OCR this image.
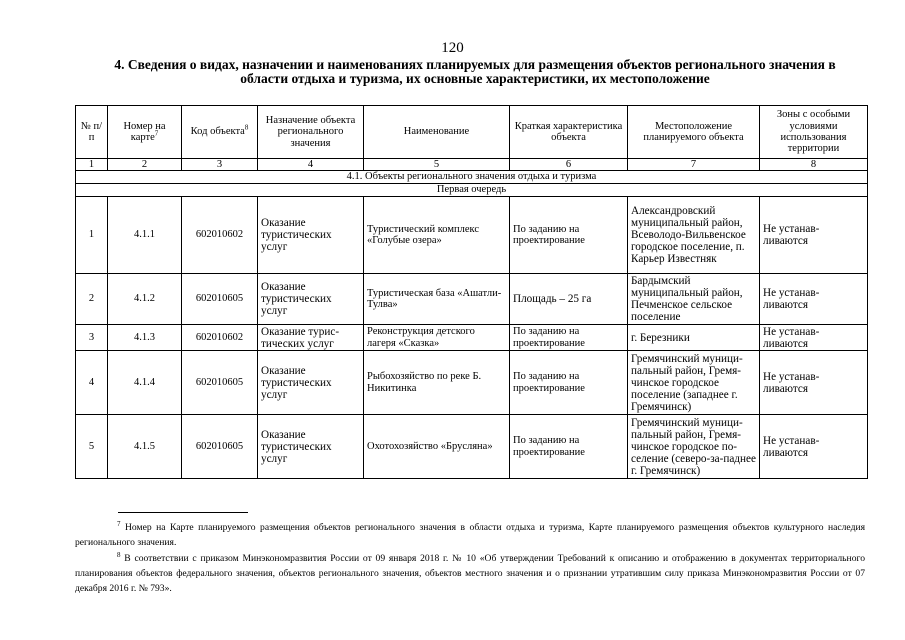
120
4. Сведения о видах, назначении и наименованиях планируемых для размещения объектов регионального значения в области отдыха и туризма, их основные характеристики, их местоположение
№ п/п	Номер на карте$^7$	Код объекта$^8$	Назначение объекта регионального значения	Наименование	Краткая характеристика объекта	Местоположение планируемого объекта	Зоны с особыми условиями использования территории
1	2	3	4	5	6	7	8
4.1. Объекты регионального значения отдыха и туризма							
Первая очередь							
1	4.1.1	602010602	Оказание туристических услуг	Туристический комплекс «Голубые озера»	По заданию на проектирование	Александровский муниципальный район, Всеволодо-Вильвенское городское поселение, п. Карьер Известняк	Не устанав-ливаются
2	4.1.2	602010605	Оказание туристических услуг	Туристическая база «Ашатли-Тулва»	Площадь – 25 га	Бардымский муниципальный район, Печменское сельское поселение	Не устанав-ливаются
3	4.1.3	602010602	Оказание турис-тических услуг	Реконструкция детского лагеря «Сказка»	По заданию на проектирование	г. Березники	Не устанав-ливаются
4	4.1.4	602010605	Оказание туристических услуг	Рыбохозяйство по реке Б. Никитинка	По заданию на проектирование	Гремячинский муници-пальный район, Гремя-чинское городское поселение (западнее г. Гремячинск)	Не устанав-ливаются
5	4.1.5	602010605	Оказание туристических услуг	Охотохозяйство «Бруcляна»	По заданию на проектирование	Гремячинский муници-пальный район, Гремя-чинское городское по-селение (северо-за-паднее г. Гремячинск)	Не устанав-ливаются

$^7$ Номер на Карте планируемого размещения объектов регионального значения в области отдыха и туризма, Карте планируемого размещения объектов культурного наследия регионального значения.

$^8$ В соответствии с приказом Минэкономразвития России от 09 января 2018 г. № 10 «Об утверждении Требований к описанию и отображению в документах территориального планирования объектов федерального значения, объектов регионального значения, объектов местного значения и о признании утратившим силу приказа Минэкономразвития России от 07 декабря 2016 г. № 793».
